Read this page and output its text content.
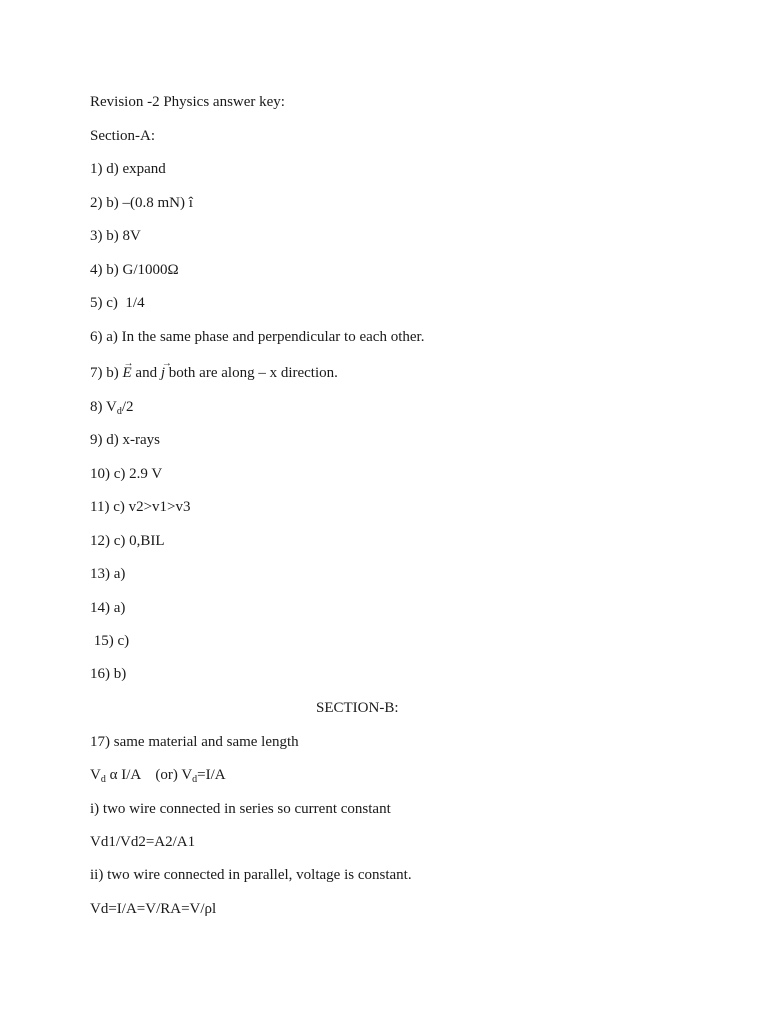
Revision -2 Physics answer key:
Section-A:
1) d) expand
2) b) –(0.8 mN) î
3) b) 8V
4) b) G/1000Ω
5) c)  1/4
6) a) In the same phase and perpendicular to each other.
7) b)
→
E and
→
j both are along – x direction.
8) $V_d/2$
9) d) x-rays
10) c) 2.9 V
11) c) v2>v1>v3
12) c) 0,BIL
13) a)
14) a)
15) c)
16) b)
SECTION-B:
17) same material and same length
$V_d$ α I/A    (or) $V_d=I/A$
i) two wire connected in series so current constant
Vd1/Vd2=A2/A1
ii) two wire connected in parallel, voltage is constant.
Vd=I/A=V/RA=V/ρl
